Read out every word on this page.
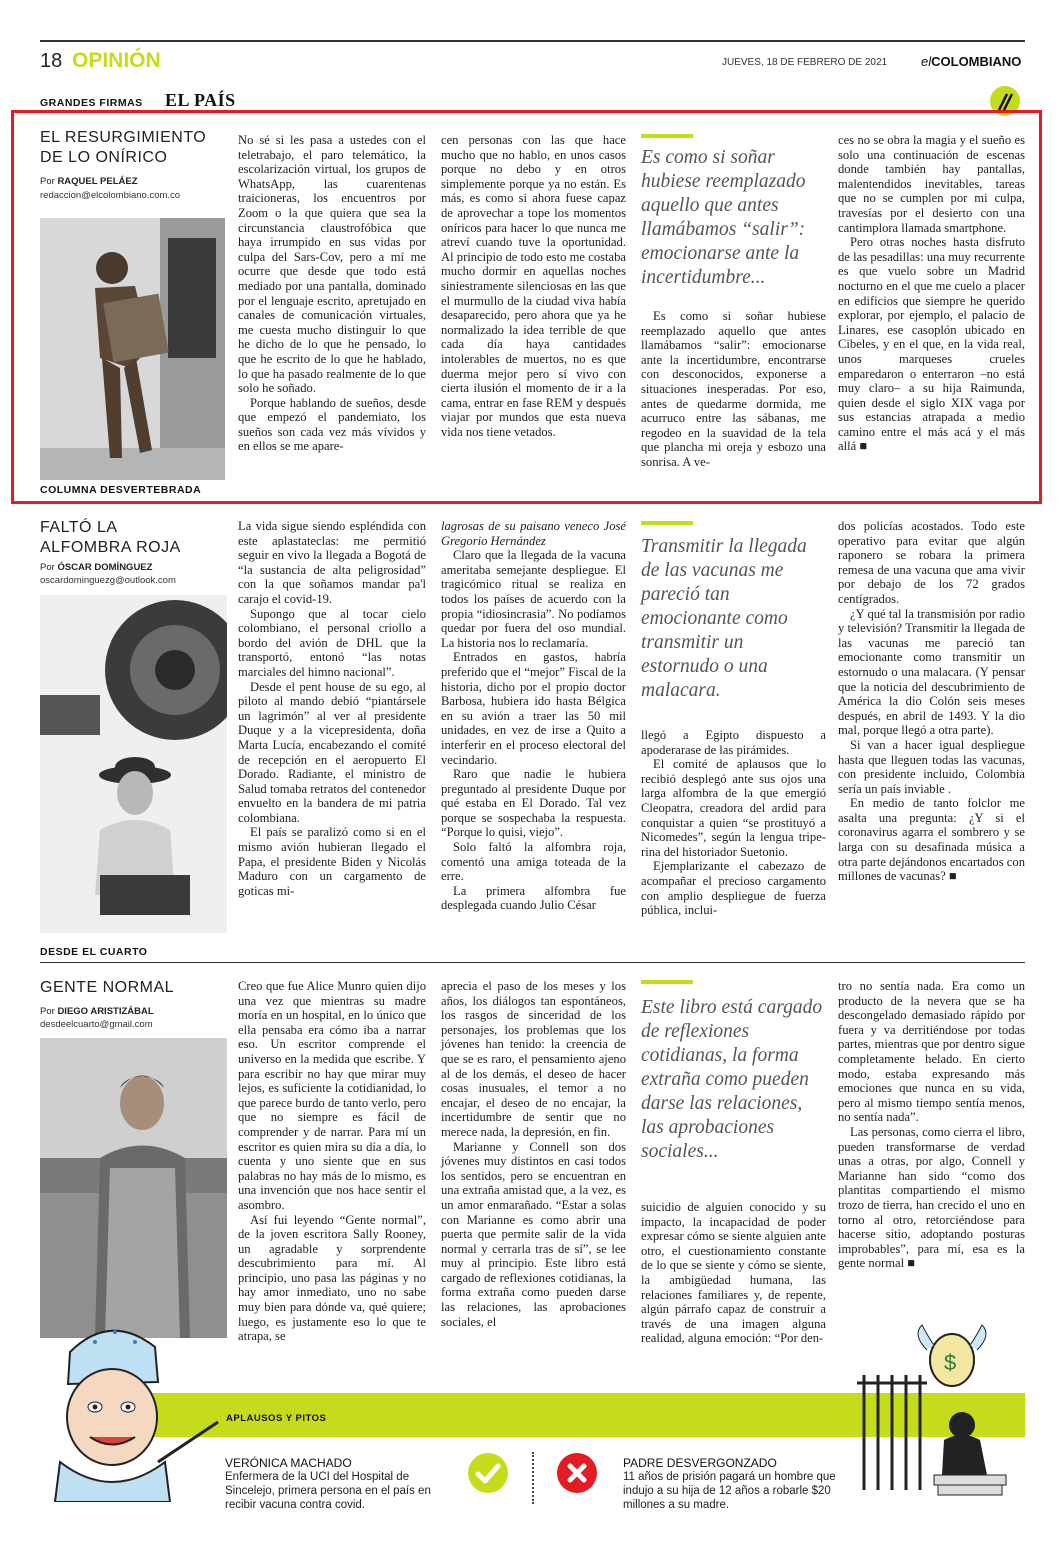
18 OPINIÓN	JUEVES, 18 DE FEBRERO DE 2021	elCOLOMBIANO
GRANDES FIRMAS EL PAÍS
EL RESURGIMIENTO
DE LO ONÍRICO
Por RAQUEL PELÁEZ
redaccion@elcolombiano.com.co
COLUMNA DESVERTEBRADA

No sé si les pasa a ustedes con el teletrabajo, el paro telemático, la escolarización virtual, los grupos de WhatsApp, las cuarentenas traicioneras, los encuentros por Zoom o la que quiera que sea la circunstancia claustrofóbica que haya irrumpido en sus vidas por culpa del Sars-Cov, pero a mí me ocurre que desde que todo está mediado por una pantalla, dominado por el lenguaje escrito, apretujado en canales de comunicación virtuales, me cuesta mucho distinguir lo que he dicho de lo que he pensado, lo que he escrito de lo que he hablado, lo que ha pasado realmente de lo que solo he soñado.

Porque hablando de sueños, desde que empezó el pandemiato, los sueños son cada vez más vívidos y en ellos se me apare-

cen personas con las que hace mucho que no hablo, en unos casos porque no debo y en otros simplemente porque ya no están. Es más, es como si ahora fuese capaz de aprovechar a tope los momentos oníricos para hacer lo que nunca me atreví cuando tuve la oportunidad. Al principio de todo esto me costaba mucho dormir en aquellas noches siniestramente silenciosas en las que el murmullo de la ciudad viva había desaparecido, pero ahora que ya he normalizado la idea terrible de que cada día haya cantidades intolerables de muertos, no es que duerma mejor pero sí vivo con cierta ilusión el momento de ir a la cama, entrar en fase REM y después viajar por mundos que esta nueva vida nos tiene vetados.

Es como si soñar hubiese reemplazado aquello que antes llamábamos “salir”: emocionarse ante la incertidumbre...

Es como si soñar hubiese reemplazado aquello que antes llamábamos “salir”: emocionarse ante la incertidumbre, encontrarse con desconocidos, exponerse a situaciones inesperadas. Por eso, antes de quedarme dormida, me acurruco entre las sábanas, me regodeo en la suavidad de la tela que plancha mi oreja y esbozo una sonrisa. A ve-

ces no se obra la magia y el sueño es solo una continuación de escenas donde también hay pantallas, malentendidos inevitables, tareas que no se cumplen por mi culpa, travesías por el desierto con una cantimplora llamada smartphone.

Pero otras noches hasta disfruto de las pesadillas: una muy recurrente es que vuelo sobre un Madrid nocturno en el que me cuelo a placer en edificios que siempre he querido explorar, por ejemplo, el palacio de Linares, ese casoplón ubicado en Cibeles, y en el que, en la vida real, unos marqueses crueles emparedaron o enterraron –no está muy claro– a su hija Raimunda, quien desde el siglo XIX vaga por sus estancias atrapada a medio camino entre el más acá y el más allá ■

FALTÓ LA
ALFOMBRA ROJA
Por ÓSCAR DOMÍNGUEZ
oscardominguezg@outlook.com

La vida sigue siendo espléndida con este aplastateclas: me permitió seguir en vivo la llegada a Bogotá de “la sustancia de alta peligrosidad” con la que soñamos mandar pa'l carajo el covid-19.

Supongo que al tocar cielo colombiano, el personal criollo a bordo del avión de DHL que la transportó, entonó “las notas marciales del himno nacional”.

Desde el pent house de su ego, al piloto al mando debió “piantársele un lagrimón” al ver al presidente Duque y a la vicepresidenta, doña Marta Lucía, encabezando el comité de recepción en el aeropuerto El Dorado. Radiante, el ministro de Salud tomaba retratos del contenedor envuelto en la bandera de mi patria colombiana.

El país se paralizó como si en el mismo avión hubieran llegado el Papa, el presidente Biden y Nicolás Maduro con un cargamento de goticas mi-

lagrosas de su paisano veneco José Gregorio Hernández

Claro que la llegada de la vacuna ameritaba semejante despliegue. El tragicómico ritual se realiza en todos los países de acuerdo con la propia “idiosincrasia”. No podíamos quedar por fuera del oso mundial. La historia nos lo reclamaría.

Entrados en gastos, habría preferido que el “mejor” Fiscal de la historia, dicho por el propio doctor Barbosa, hubiera ido hasta Bélgica en su avión a traer las 50 mil unidades, en vez de irse a Quito a interferir en el proceso electoral del vecindario.

Raro que nadie le hubiera preguntado al presidente Duque por qué estaba en El Dorado. Tal vez porque se sospechaba la respuesta. “Porque lo quisi, viejo”.

Solo faltó la alfombra roja, comentó una amiga toteada de la erre.

La primera alfombra fue desplegada cuando Julio César

Transmitir la llegada de las vacunas me pareció tan emocionante como transmitir un estornudo o una malacara.

llegó a Egipto dispuesto a apoderarase de las pirámides.

El comité de aplausos que lo recibió desplegó ante sus ojos una larga alfombra de la que emergió Cleopatra, creadora del ardid para conquistar a quien “se prostituyó a Nicomedes”, según la lengua triperina del historiador Suetonio.

Ejemplarizante el cabezazo de acompañar el precioso cargamento con amplio despliegue de fuerza pública, inclui-

dos policías acostados. Todo este operativo para evitar que algún raponero se robara la primera remesa de una vacuna que ama vivir por debajo de los 72 grados centígrados.

¿Y qué tal la transmisión por radio y televisión? Transmitir la llegada de las vacunas me pareció tan emocionante como transmitir un estornudo o una malacara. (Y pensar que la noticia del descubrimiento de América la dio Colón seis meses después, en abril de 1493. Y la dio mal, porque llegó a otra parte).

Si van a hacer igual despliegue hasta que lleguen todas las vacunas, con presidente incluido, Colombia sería un país inviable .

En medio de tanto folclor me asalta una pregunta: ¿Y si el coronavirus agarra el sombrero y se larga con su desafinada música a otra parte dejándonos encartados con millones de vacunas? ■

DESDE EL CUARTO
GENTE NORMAL
Por DIEGO ARISTIZÁBAL
desdeelcuarto@gmail.com

Creo que fue Alice Munro quien dijo una vez que mientras su madre moría en un hospital, en lo único que ella pensaba era cómo iba a narrar eso. Un escritor comprende el universo en la medida que escribe. Y para escribir no hay que mirar muy lejos, es suficiente la cotidianidad, lo que parece burdo de tanto verlo, pero que no siempre es fácil de comprender y de narrar. Para mí un escritor es quien mira su día a día, lo cuenta y uno siente que en sus palabras no hay más de lo mismo, es una invención que nos hace sentir el asombro.

Así fui leyendo “Gente normal”, de la joven escritora Sally Rooney, un agradable y sorprendente descubrimiento para mí. Al principio, uno pasa las páginas y no hay amor inmediato, uno no sabe muy bien para dónde va, qué quiere; luego, es justamente eso lo que te atrapa, se

aprecia el paso de los meses y los años, los diálogos tan espontáneos, los rasgos de sinceridad de los personajes, los problemas que los jóvenes han tenido: la creencia de que se es raro, el pensamiento ajeno al de los demás, el deseo de hacer cosas inusuales, el temor a no encajar, el deseo de no encajar, la incertidumbre de sentir que no merece nada, la depresión, en fin.

Marianne y Connell son dos jóvenes muy distintos en casi todos los sentidos, pero se encuentran en una extraña amistad que, a la vez, es un amor enmarañado. “Estar a solas con Marianne es como abrir una puerta que permite salir de la vida normal y cerrarla tras de sí”, se lee muy al principio. Este libro está cargado de reflexiones cotidianas, la forma extraña como pueden darse las relaciones, las aprobaciones sociales, el

Este libro está cargado de reflexiones cotidianas, la forma extraña como pueden darse las relaciones, las aprobaciones sociales...

suicidio de alguien conocido y su impacto, la incapacidad de poder expresar cómo se siente alguien ante otro, el cuestionamiento constante de lo que se siente y cómo se siente, la ambigüedad humana, las relaciones familiares y, de repente, algún párrafo capaz de construir a través de una imagen alguna realidad, alguna emoción: “Por den-

tro no sentía nada. Era como un producto de la nevera que se ha descongelado demasiado rápido por fuera y va derritiéndose por todas partes, mientras que por dentro sigue completamente helado. En cierto modo, estaba expresando más emociones que nunca en su vida, pero al mismo tiempo sentía menos, no sentía nada”.

Las personas, como cierra el libro, pueden transformarse de verdad unas a otras, por algo, Connell y Marianne han sido “como dos plantitas compartiendo el mismo trozo de tierra, han crecido el uno en torno al otro, retorciéndose para hacerse sitio, adoptando posturas improbables”, para mí, esa es la gente normal ■

APLAUSOS Y PITOS
VERÓNICA MACHADO
Enfermera de la UCI del Hospital de Sincelejo, primera persona en el país en recibir vacuna contra covid.
PADRE DESVERGONZADO
11 años de prisión pagará un hombre que indujo a su hija de 12 años a robarle $20 millones a su madre.
$
